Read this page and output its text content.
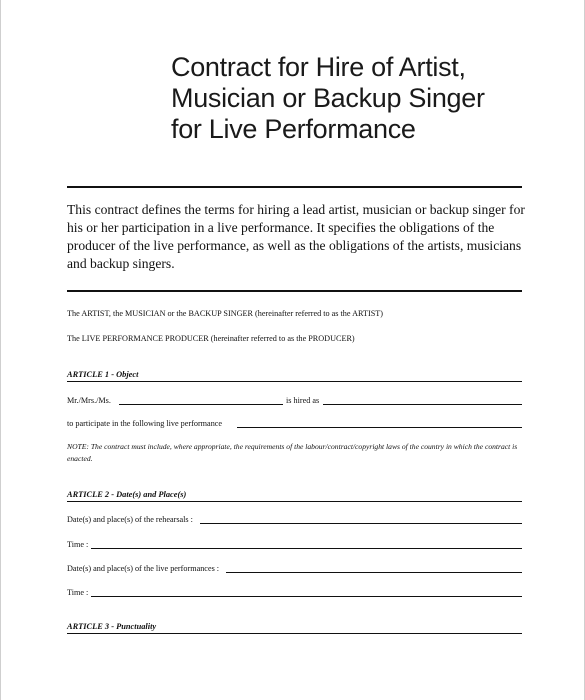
Contract for Hire of Artist,
Musician or Backup Singer
for Live Performance
This contract defines the terms for hiring a lead artist, musician or backup singer for his or her participation in a live performance. It specifies the obligations of the producer of the live performance, as well as the obligations of the artists, musicians and backup singers.
The ARTIST, the MUSICIAN or the BACKUP SINGER (hereinafter referred to as the ARTIST)
The LIVE PERFORMANCE PRODUCER (hereinafter referred to as the PRODUCER)
ARTICLE 1 - Object
Mr./Mrs./Ms.	is hired as
to participate in the following live performance
NOTE: The contract must include, where appropriate, the requirements of the labour/contract/copyright laws of the country in which the contract is enacted.
ARTICLE 2 - Date(s) and Place(s)
Date(s) and place(s) of the rehearsals :
Time :
Date(s) and place(s) of the live performances :
Time :
ARTICLE 3 - Punctuality
